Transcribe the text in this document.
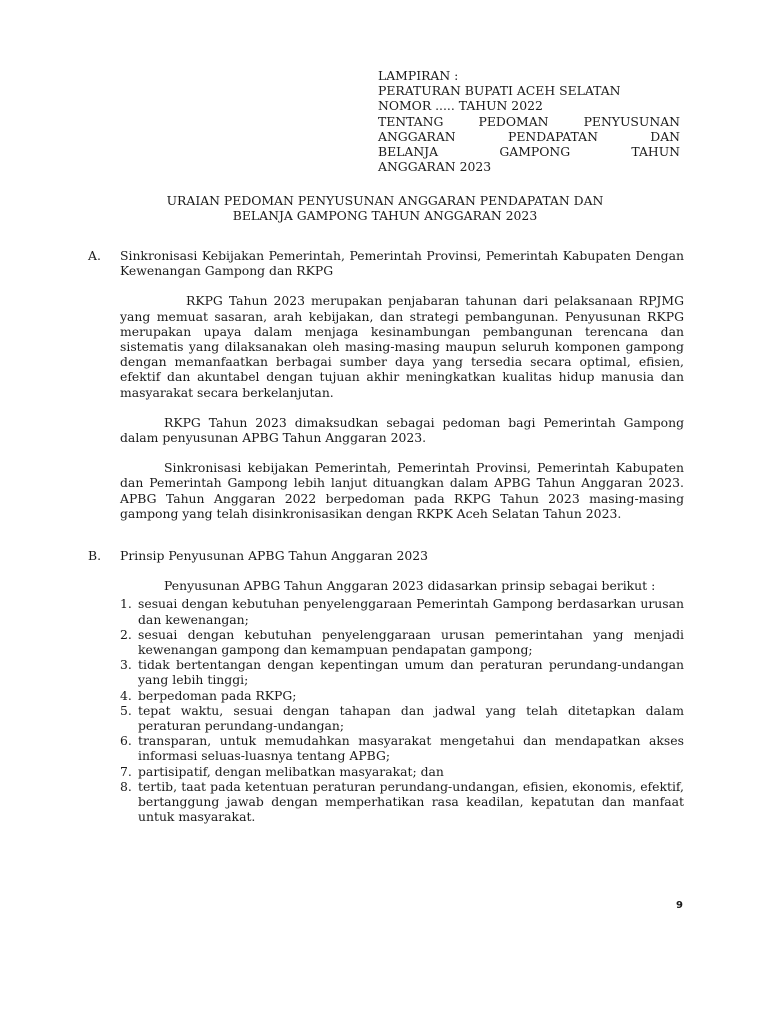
LAMPIRAN :
PERATURAN BUPATI ACEH SELATAN
NOMOR ..... TAHUN 2022
TENTANG PEDOMAN PENYUSUNAN
ANGGARAN PENDAPATAN DAN
BELANJA GAMPONG TAHUN
ANGGARAN 2023
URAIAN PEDOMAN PENYUSUNAN ANGGARAN PENDAPATAN DAN
BELANJA GAMPONG TAHUN ANGGARAN 2023
A. Sinkronisasi Kebijakan Pemerintah, Pemerintah Provinsi, Pemerintah Kabupaten Dengan Kewenangan Gampong dan RKPG

RKPG Tahun 2023 merupakan penjabaran tahunan dari pelaksanaan RPJMG yang memuat sasaran, arah kebijakan, dan strategi pembangunan. Penyusunan RKPG merupakan upaya dalam menjaga kesinambungan pembangunan terencana dan sistematis yang dilaksanakan oleh masing-masing maupun seluruh komponen gampong dengan memanfaatkan berbagai sumber daya yang tersedia secara optimal, efisien, efektif dan akuntabel dengan tujuan akhir meningkatkan kualitas hidup manusia dan masyarakat secara berkelanjutan.

RKPG Tahun 2023 dimaksudkan sebagai pedoman bagi Pemerintah Gampong dalam penyusunan APBG Tahun Anggaran 2023.

Sinkronisasi kebijakan Pemerintah, Pemerintah Provinsi, Pemerintah Kabupaten dan Pemerintah Gampong lebih lanjut dituangkan dalam APBG Tahun Anggaran 2023. APBG Tahun Anggaran 2022 berpedoman pada RKPG Tahun 2023 masing-masing gampong yang telah disinkronisasikan dengan RKPK Aceh Selatan Tahun 2023.

B. Prinsip Penyusunan APBG Tahun Anggaran 2023

Penyusunan APBG Tahun Anggaran 2023 didasarkan prinsip sebagai berikut :

1. sesuai dengan kebutuhan penyelenggaraan Pemerintah Gampong berdasarkan urusan dan kewenangan;
2. sesuai dengan kebutuhan penyelenggaraan urusan pemerintahan yang menjadi kewenangan gampong dan kemampuan pendapatan gampong;
3. tidak bertentangan dengan kepentingan umum dan peraturan perundang-undangan yang lebih tinggi;
4. berpedoman pada RKPG;
5. tepat waktu, sesuai dengan tahapan dan jadwal yang telah ditetapkan dalam peraturan perundang-undangan;
6. transparan, untuk memudahkan masyarakat mengetahui dan mendapatkan akses informasi seluas-luasnya tentang APBG;
7. partisipatif, dengan melibatkan masyarakat; dan
8. tertib, taat pada ketentuan peraturan perundang-undangan, efisien, ekonomis, efektif, bertanggung jawab dengan memperhatikan rasa keadilan, kepatutan dan manfaat untuk masyarakat.
9
